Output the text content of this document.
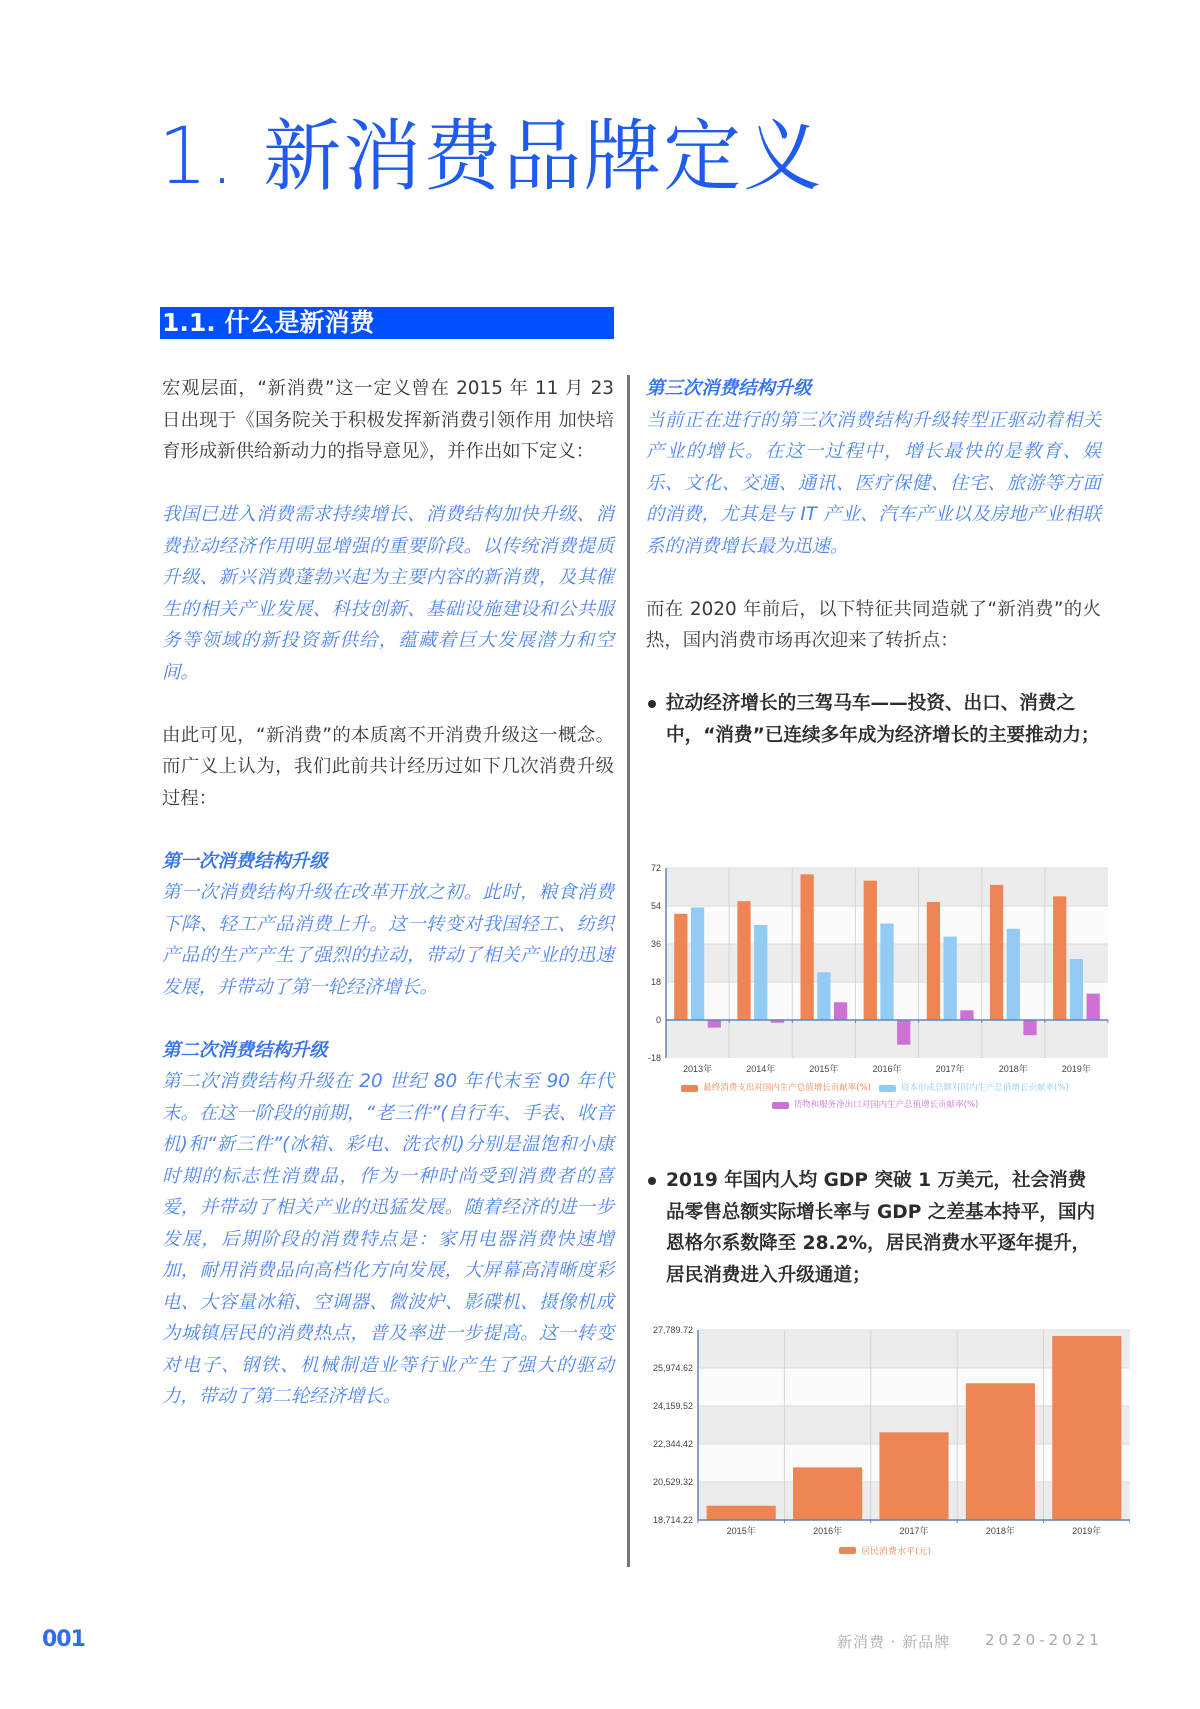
1. 新消费品牌定义
1.1. 什么是新消费

宏观层面，“新消费”这一定义曾在 2015 年 11 月 23 日出现于《国务院关于积极发挥新消费引领作用 加快培育形成新供给新动力的指导意见》，并作出如下定义：

我国已进入消费需求持续增长、消费结构加快升级、消费拉动经济作用明显增强的重要阶段。以传统消费提质升级、新兴消费蓬勃兴起为主要内容的新消费，及其催生的相关产业发展、科技创新、基础设施建设和公共服务等领域的新投资新供给，蕴藏着巨大发展潜力和空间。

由此可见，“新消费”的本质离不开消费升级这一概念。而广义上认为，我们此前共计经历过如下几次消费升级过程：

第一次消费结构升级

第一次消费结构升级在改革开放之初。此时，粮食消费下降、轻工产品消费上升。这一转变对我国轻工、纺织产品的生产产生了强烈的拉动，带动了相关产业的迅速发展，并带动了第一轮经济增长。

第二次消费结构升级

第二次消费结构升级在 20 世纪 80 年代末至 90 年代末。在这一阶段的前期，“老三件”(自行车、手表、收音机)和“新三件”(冰箱、彩电、洗衣机)分别是温饱和小康时期的标志性消费品，作为一种时尚受到消费者的喜爱，并带动了相关产业的迅猛发展。随着经济的进一步发展，后期阶段的消费特点是：家用电器消费快速增加，耐用消费品向高档化方向发展，大屏幕高清晰度彩电、大容量冰箱、空调器、微波炉、影碟机、摄像机成为城镇居民的消费热点，普及率进一步提高。这一转变对电子、钢铁、机械制造业等行业产生了强大的驱动力，带动了第二轮经济增长。

第三次消费结构升级

当前正在进行的第三次消费结构升级转型正驱动着相关产业的增长。在这一过程中，增长最快的是教育、娱乐、文化、交通、通讯、医疗保健、住宅、旅游等方面的消费，尤其是与 IT 产业、汽车产业以及房地产业相联系的消费增长最为迅速。

而在 2020 年前后，以下特征共同造就了“新消费”的火热，国内消费市场再次迎来了转折点：

拉动经济增长的三驾马车——投资、出口、消费之中，“消费”已连续多年成为经济增长的主要推动力；
2019 年国内人均 GDP 突破 1 万美元，社会消费品零售总额实际增长率与 GDP 之差基本持平，国内恩格尔系数降至 28.2%，居民消费水平逐年提升，居民消费进入升级通道；
72
54
36
18
0
-18
2013年	2014年	2015年	2016年	2017年	2018年	2019年
最终消费支出对国内生产总值增长贡献率(%)	资本形成总额对国内生产总值增长贡献率(%)

货物和服务净出口对国内生产总值增长贡献率(%)
27,789.72
25,974.62
24,159.52
22,344.42
20,529.32
18,714.22
2015年	2016年	2017年	2018年	2019年
居民消费水平(元)
001	新消费 · 新品牌 2020-2021
